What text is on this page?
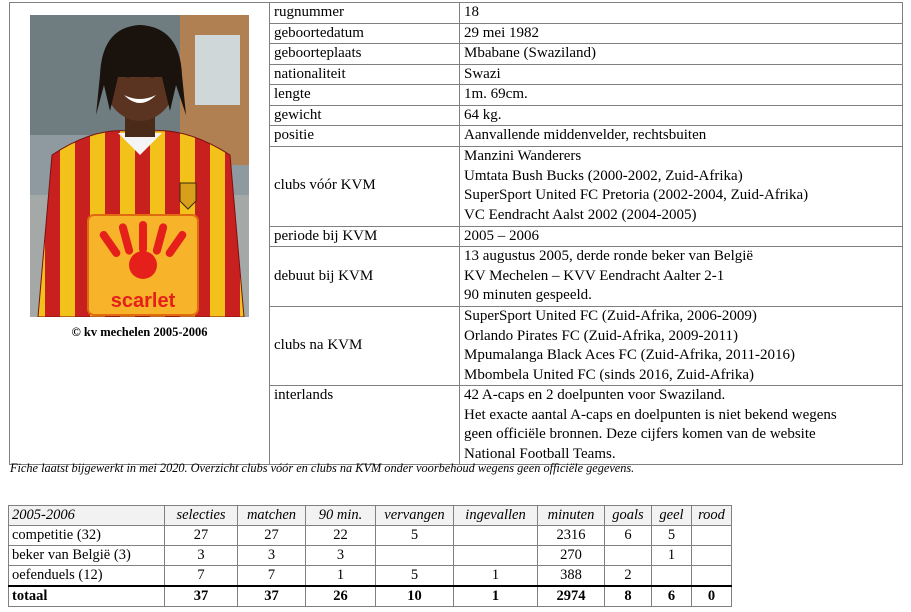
scarlet
© kv mechelen 2005-2006	rugnummer	18

	geboortedatum	29 mei 1982

	geboorteplaats	Mbabane (Swaziland)

	nationaliteit	Swazi

	lengte	1m. 69cm.

	gewicht	64 kg.

	positie	Aanvallende middenvelder, rechtsbuiten

	clubs vóór KVM	Manzini Wanderers
Umtata Bush Bucks (2000-2002, Zuid-Afrika)
SuperSport United FC Pretoria (2002-2004, Zuid-Afrika)
VC Eendracht Aalst 2002 (2004-2005)

	periode bij KVM	2005 – 2006

	debuut bij KVM	13 augustus 2005, derde ronde beker van België
KV Mechelen – KVV Eendracht Aalter 2-1
90 minuten gespeeld.

	clubs na KVM	SuperSport United FC (Zuid-Afrika, 2006-2009)
Orlando Pirates FC (Zuid-Afrika, 2009-2011)
Mpumalanga Black Aces FC (Zuid-Afrika, 2011-2016)
Mbombela United FC (sinds 2016, Zuid-Afrika)

	interlands	42 A-caps en 2 doelpunten voor Swaziland.
Het exacte aantal A-caps en doelpunten is niet bekend wegens
geen officiële bronnen. Deze cijfers komen van de website
National Football Teams.
Fiche laatst bijgewerkt in mei 2020. Overzicht clubs vóór en clubs na KVM onder voorbehoud wegens geen officiële gegevens.
2005-2006	selecties	matchen	90 min.	vervangen	ingevallen	minuten	goals	geel	rood
competitie (32)	27	27	22	5		2316	6	5	
beker van België (3)	3	3	3			270		1	
oefenduels (12)	7	7	1	5	1	388	2		
totaal	37	37	26	10	1	2974	8	6	0
